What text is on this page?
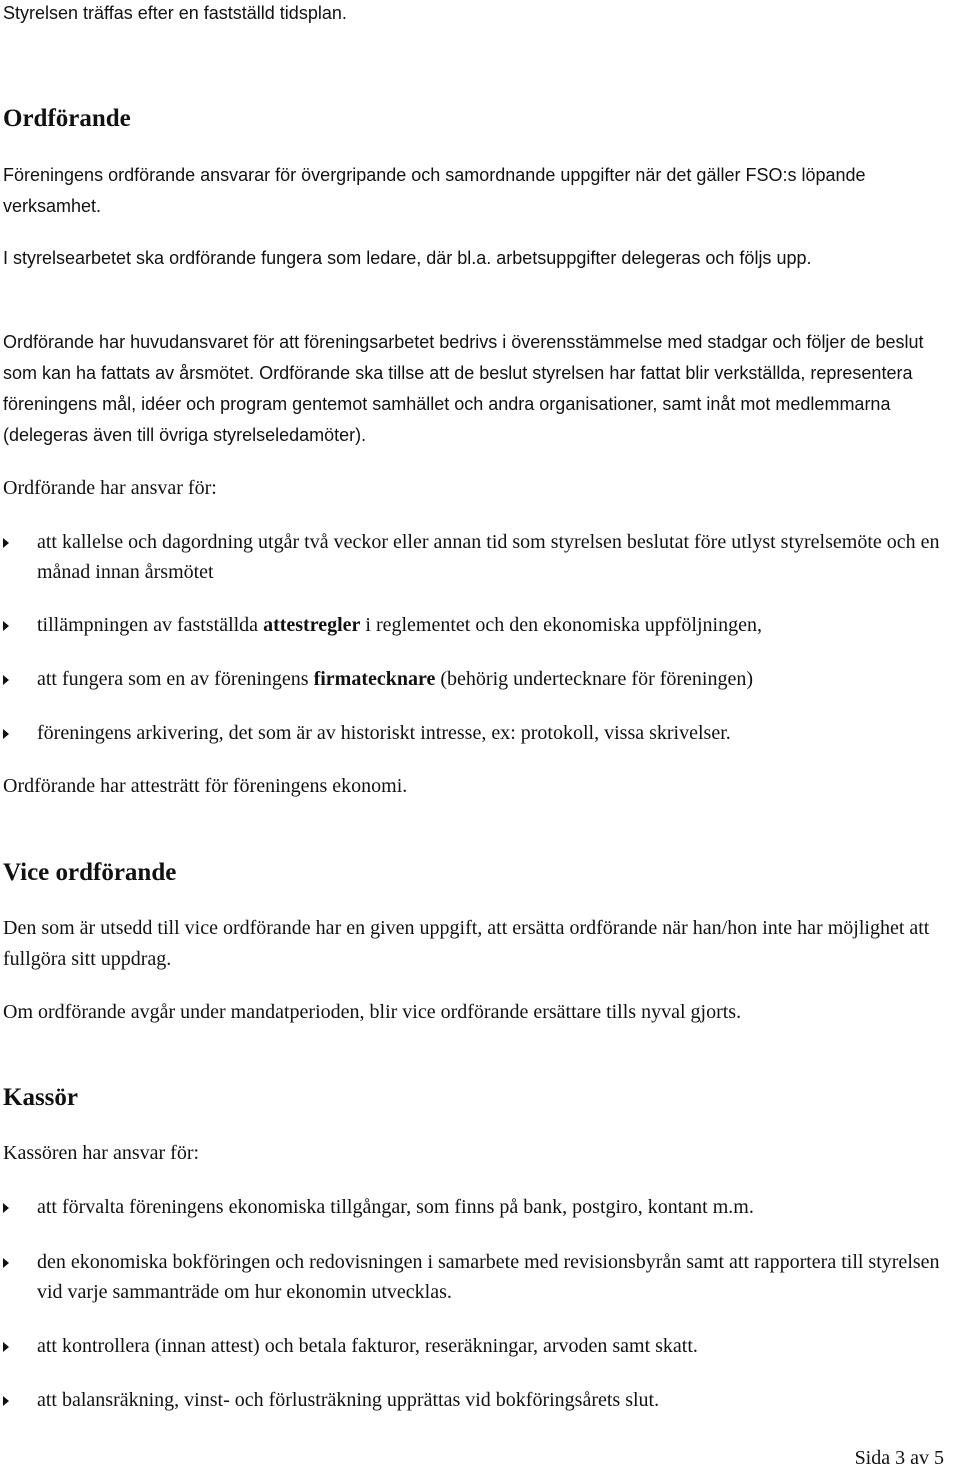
Styrelsen träffas efter en fastställd tidsplan.

Ordförande

Föreningens ordförande ansvarar för övergripande och samordnande uppgifter när det gäller FSO:s löpande verksamhet.

I styrelsearbetet ska ordförande fungera som ledare, där bl.a. arbetsuppgifter delegeras och följs upp.

Ordförande har huvudansvaret för att föreningsarbetet bedrivs i överensstämmelse med stadgar och följer de beslut som kan ha fattats av årsmötet. Ordförande ska tillse att de beslut styrelsen har fattat blir verkställda, representera föreningens mål, idéer och program gentemot samhället och andra organisationer, samt inåt mot medlemmarna (delegeras även till övriga styrelseledamöter).

Ordförande har ansvar för:

att kallelse och dagordning utgår två veckor eller annan tid som styrelsen beslutat före utlyst styrelsemöte och en månad innan årsmötet
tillämpningen av fastställda attestregler i reglementet och den ekonomiska uppföljningen,
att fungera som en av föreningens firmatecknare (behörig undertecknare för föreningen)
föreningens arkivering, det som är av historiskt intresse, ex: protokoll, vissa skrivelser.

Ordförande har attesträtt för föreningens ekonomi.

Vice ordförande

Den som är utsedd till vice ordförande har en given uppgift, att ersätta ordförande när han/hon inte har möjlighet att fullgöra sitt uppdrag.

Om ordförande avgår under mandatperioden, blir vice ordförande ersättare tills nyval gjorts.

Kassör

Kassören har ansvar för:

att förvalta föreningens ekonomiska tillgångar, som finns på bank, postgiro, kontant m.m.
den ekonomiska bokföringen och redovisningen i samarbete med revisionsbyrån samt att rapportera till styrelsen vid varje sammanträde om hur ekonomin utvecklas.
att kontrollera (innan attest) och betala fakturor, reseräkningar, arvoden samt skatt.
att balansräkning, vinst- och förlusträkning upprättas vid bokföringsårets slut.
Sida 3 av 5
